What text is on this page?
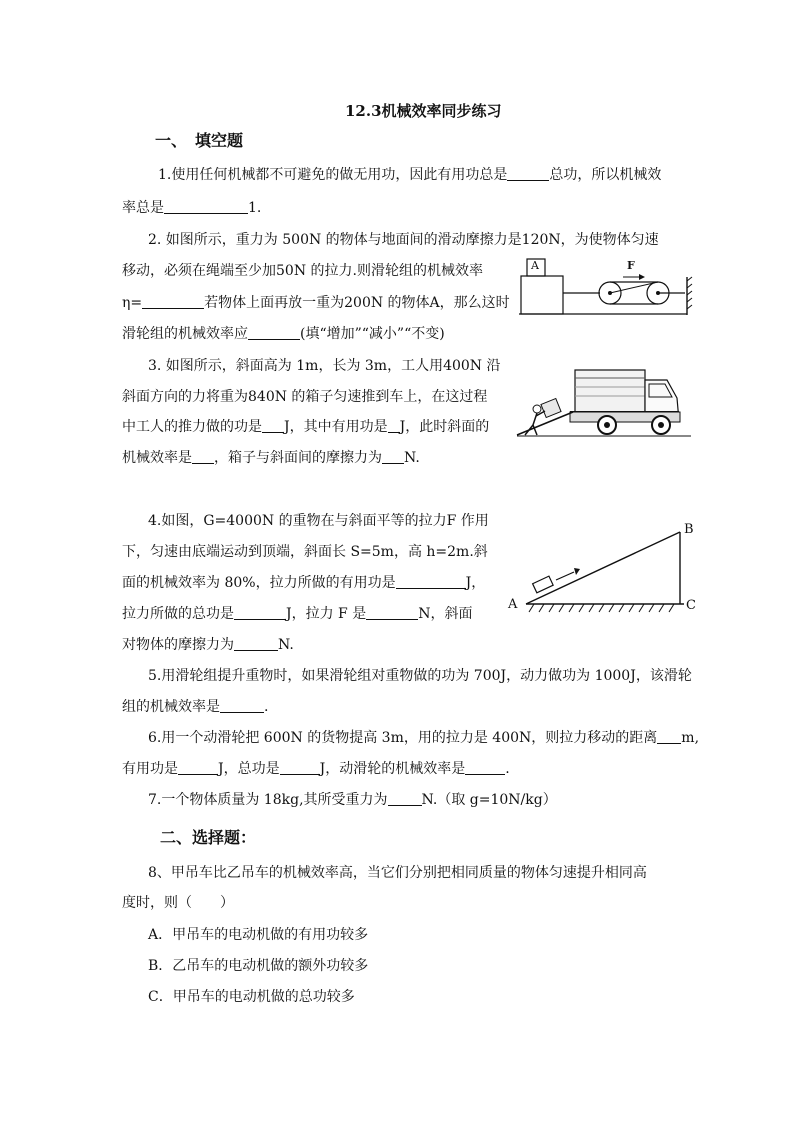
12.3机械效率同步练习
一、　填空题
1.使用任何机械都不可避免的做无用功，因此有用功总是	总功，所以机械效
率总是	1.
2. 如图所示，重力为 500N 的物体与地面间的滑动摩擦力是120N，为使物体匀速
移动，必须在绳端至少加50N 的拉力.则滑轮组的机械效率
η=	若物体上面再放一重为200N 的物体A，那么这时
滑轮组的机械效率应	(填“增加”“减小”“不变)
A	F
3. 如图所示，斜面高为 1m，长为 3m，工人用400N 沿
斜面方向的力将重为840N 的箱子匀速推到车上，在这过程
中工人的推力做的功是 J，其中有用功是 J，此时斜面的
机械效率是 ，箱子与斜面间的摩擦力为 N.
4.如图，G=4000N 的重物在与斜面平等的拉力F 作用
下，匀速由底端运动到顶端，斜面长 S=5m，高 h=2m.斜
面的机械效率为 80%，拉力所做的有用功是	J，
拉力所做的总功是	J，拉力 F 是	N，斜面
对物体的摩擦力为	N.
A
B
C
5.用滑轮组提升重物时，如果滑轮组对重物做的功为 700J，动力做功为 1000J，该滑轮
组的机械效率是	.
6.用一个动滑轮把 600N 的货物提高 3m，用的拉力是 400N，则拉力移动的距离 m,
有用功是	J，总功是	J，动滑轮的机械效率是	.
7.一个物体质量为 18kg,其所受重力为 N.（取 g=10N/kg）
二、选择题：
8、甲吊车比乙吊车的机械效率高，当它们分别把相同质量的物体匀速提升相同高
度时，则（　　）
A．甲吊车的电动机做的有用功较多
B．乙吊车的电动机做的额外功较多
C．甲吊车的电动机做的总功较多
